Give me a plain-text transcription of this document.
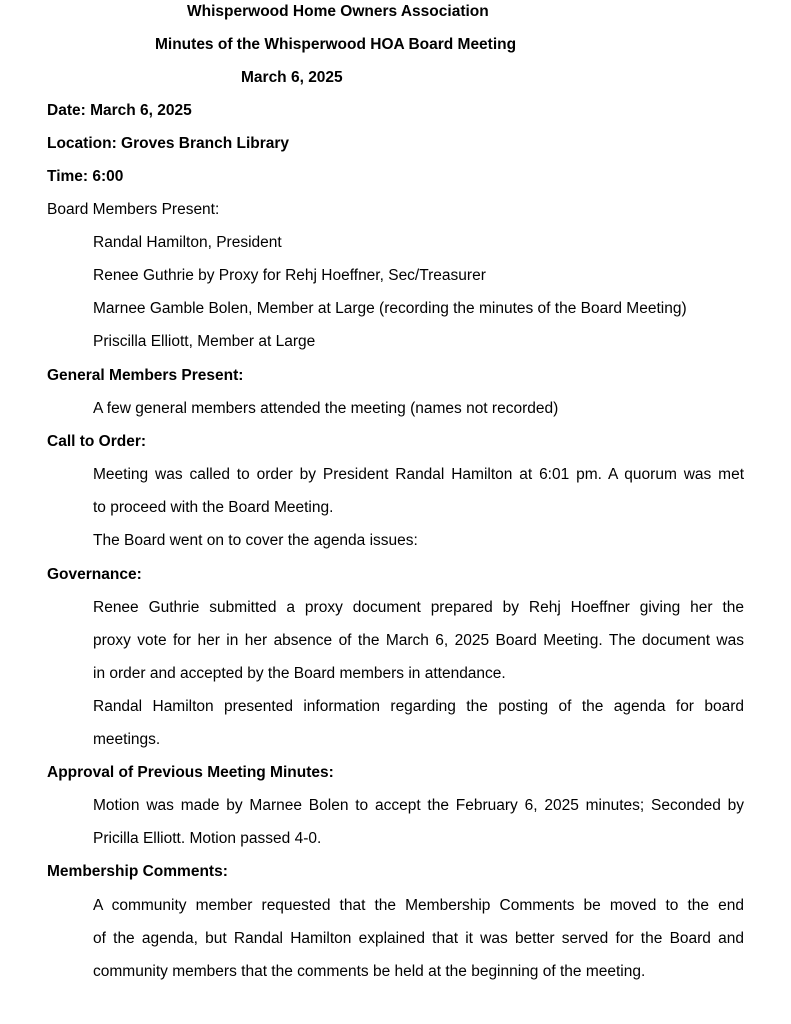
Whisperwood Home Owners Association
Minutes of the Whisperwood HOA Board Meeting
March 6, 2025
Date: March 6, 2025
Location: Groves Branch Library
Time: 6:00
Board Members Present:
Randal Hamilton, President
Renee Guthrie by Proxy for Rehj Hoeffner, Sec/Treasurer
Marnee Gamble Bolen, Member at Large (recording the minutes of the Board Meeting)
Priscilla Elliott, Member at Large
General Members Present:
A few general members attended the meeting (names not recorded)
Call to Order:
Meeting was called to order by President Randal Hamilton at 6:01 pm. A quorum was met
to proceed with the Board Meeting.
The Board went on to cover the agenda issues:
Governance:
Renee Guthrie submitted a proxy document prepared by Rehj Hoeffner giving her the
proxy vote for her in her absence of the March 6, 2025 Board Meeting. The document was
in order and accepted by the Board members in attendance.
Randal Hamilton presented information regarding the posting of the agenda for board
meetings.
Approval of Previous Meeting Minutes:
Motion was made by Marnee Bolen to accept the February 6, 2025 minutes; Seconded by
Pricilla Elliott. Motion passed 4-0.
Membership Comments:
A community member requested that the Membership Comments be moved to the end
of the agenda, but Randal Hamilton explained that it was better served for the Board and
community members that the comments be held at the beginning of the meeting.
